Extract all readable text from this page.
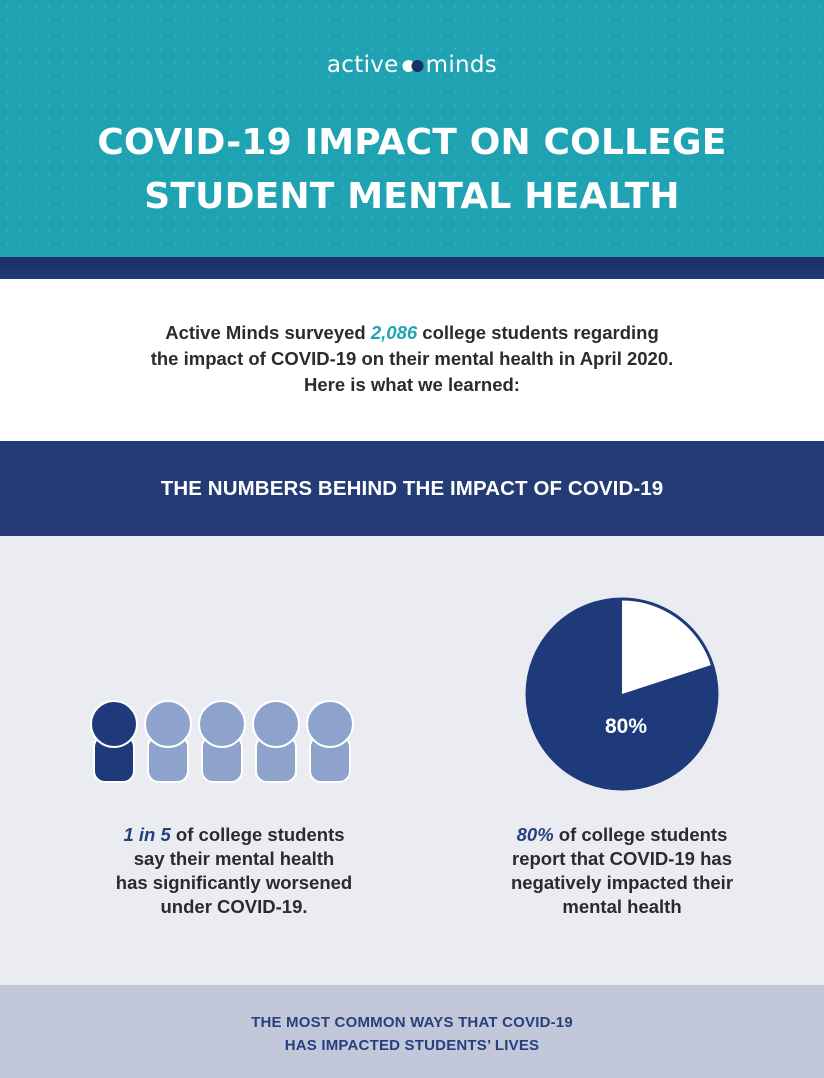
active minds
COVID-19 IMPACT ON COLLEGE
STUDENT MENTAL HEALTH
Active Minds surveyed 2,086 college students regarding
the impact of COVID-19 on their mental health in April 2020.
Here is what we learned:
THE NUMBERS BEHIND THE IMPACT OF COVID-19
80%
1 in 5 of college students
say their mental health
has significantly worsened
under COVID-19.
80% of college students
report that COVID-19 has
negatively impacted their
mental health
THE MOST COMMON WAYS THAT COVID-19
HAS IMPACTED STUDENTS’ LIVES
